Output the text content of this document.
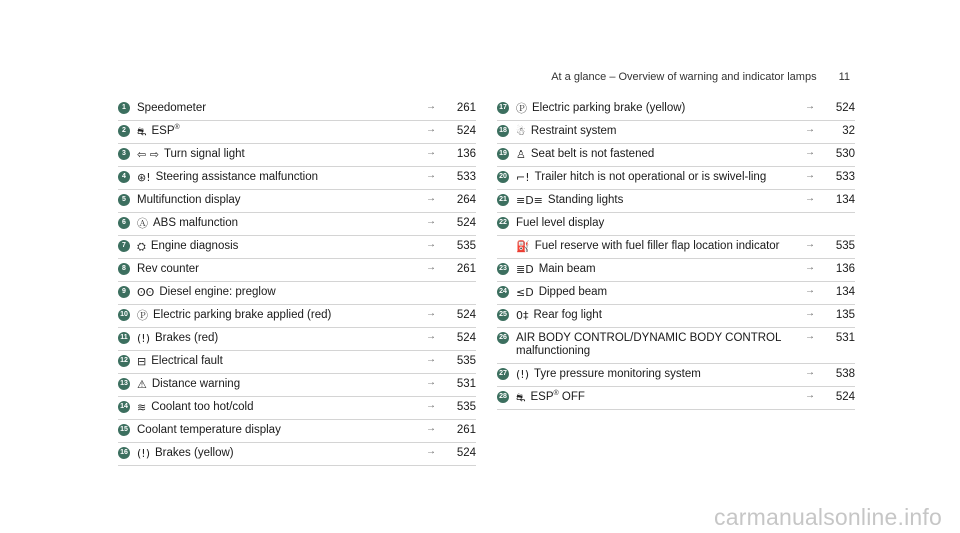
At a glance – Overview of warning and indicator lamps 11
1 Speedometer	→	261
2	⛐ ESP®	→	524
3	⇦ ⇨ Turn signal light	→	136
4	⊛! Steering assistance malfunction	→	533
5 Multifunction display	→	264
6	Ⓐ ABS malfunction	→	524
7	⛭ Engine diagnosis	→	535
8 Rev counter	→	261
9	ʘʘ Diesel engine: preglow
10 Ⓟ Electric parking brake applied (red)	→	524
11 (!) Brakes (red)	→	524
12 ⊟ Electrical fault	→	535
13 ⚠ Distance warning	→	531
14 ≋ Coolant too hot/cold	→	535
15 Coolant temperature display	→	261
16 (!) Brakes (yellow)	→	524
17 Ⓟ Electric parking brake (yellow)	→	524
18 ☃ Restraint system	→	32
19 ♙ Seat belt is not fastened	→	530
20 ⌐! Trailer hitch is not operational or is swivel-ling	→	533
21 ≡D≡ Standing lights	→	134
22 Fuel level display
⛽ Fuel reserve with fuel filler flap location indicator	→	535
23 ≣D Main beam	→	136
24 ≤D Dipped beam	→	134
25 0‡ Rear fog light	→	135
26 AIR BODY CONTROL/DYNAMIC BODY CONTROL malfunctioning
→	531
27 (!) Tyre pressure monitoring system	→	538
28 ⛐ ESP® OFF	→	524
carmanualsonline.info
